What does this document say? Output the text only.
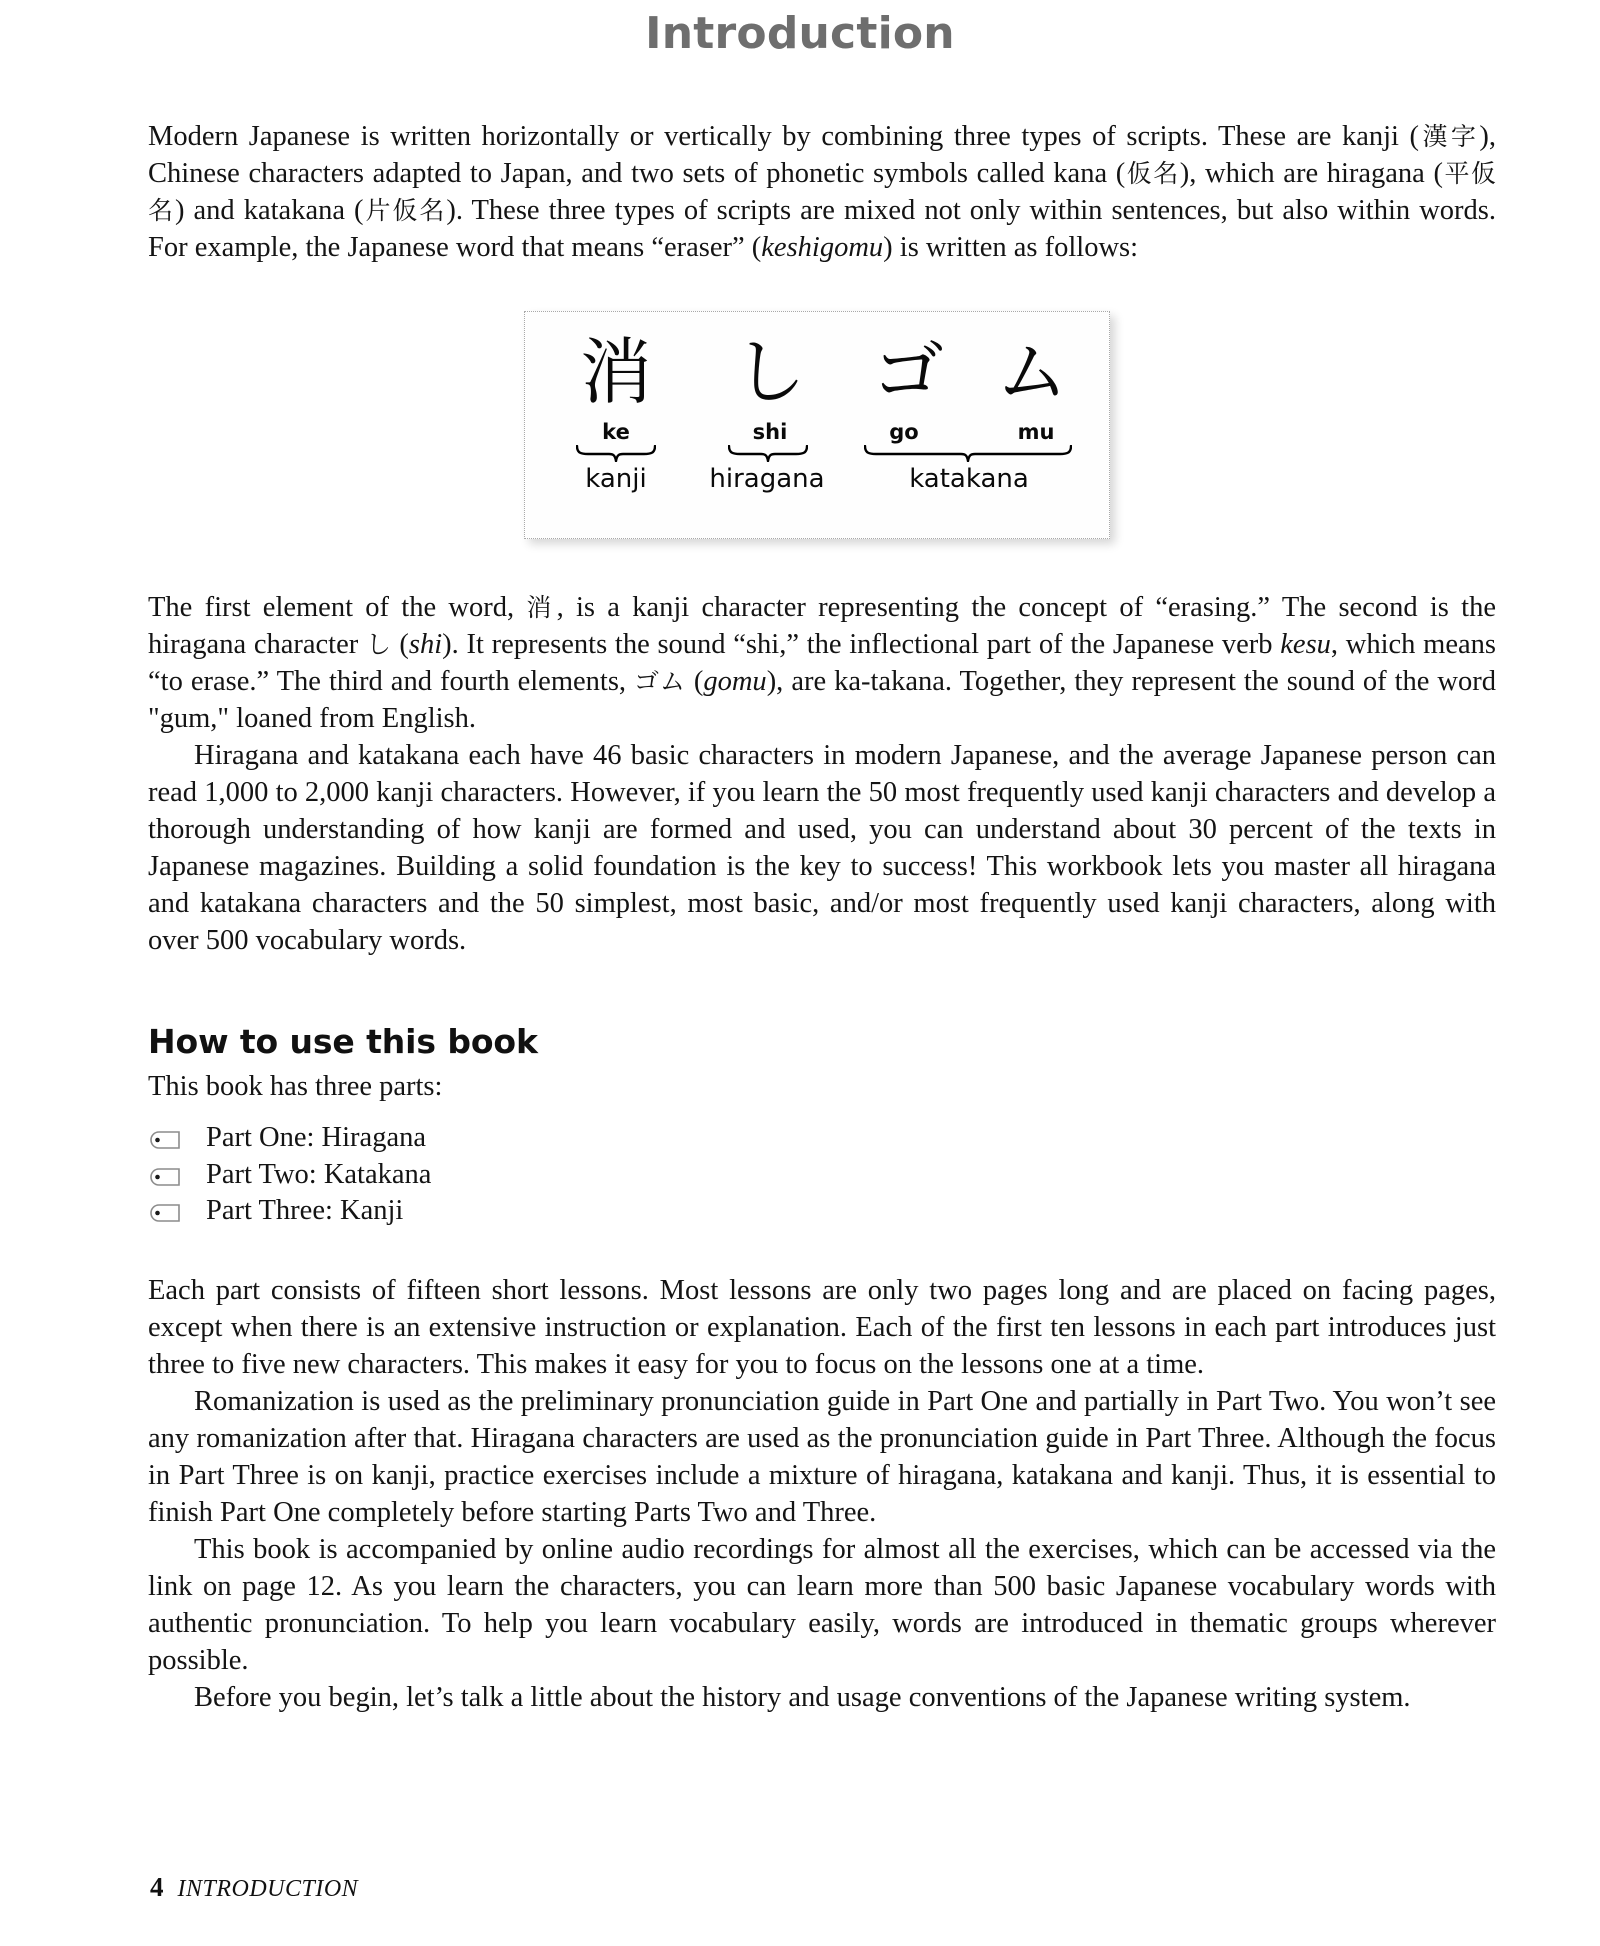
Introduction

Modern Japanese is written horizontally or vertically by combining three types of scripts. These are kanji (漢字), Chinese characters adapted to Japan, and two sets of phonetic symbols called kana (仮名), which are hiragana (平仮名) and katakana (片仮名). These three types of scripts are mixed not only within sentences, but also within words. For example, the Japanese word that means “eraser” (keshigomu) is written as follows:

消 し ゴ ム
ke	shi	go	mu
kanji	hiragana	katakana

The first element of the word, 消, is a kanji character representing the concept of “erasing.” The second is the hiragana character し (shi). It represents the sound “shi,” the inflectional part of the Japanese verb kesu, which means “to erase.” The third and fourth elements, ゴム (gomu), are ka-takana. Together, they represent the sound of the word "gum," loaned from English.

Hiragana and katakana each have 46 basic characters in modern Japanese, and the average Japanese person can read 1,000 to 2,000 kanji characters. However, if you learn the 50 most frequently used kanji characters and develop a thorough understanding of how kanji are formed and used, you can understand about 30 percent of the texts in Japanese magazines. Building a solid foundation is the key to success! This workbook lets you master all hiragana and katakana characters and the 50 simplest, most basic, and/or most frequently used kanji characters, along with over 500 vocabulary words.

How to use this book

This book has three parts:

Part One: Hiragana
Part Two: Katakana
Part Three: Kanji

Each part consists of fifteen short lessons. Most lessons are only two pages long and are placed on facing pages, except when there is an extensive instruction or explanation. Each of the first ten lessons in each part introduces just three to five new characters. This makes it easy for you to focus on the lessons one at a time.

Romanization is used as the preliminary pronunciation guide in Part One and partially in Part Two. You won’t see any romanization after that. Hiragana characters are used as the pronunciation guide in Part Three. Although the focus in Part Three is on kanji, practice exercises include a mixture of hiragana, katakana and kanji. Thus, it is essential to finish Part One completely before starting Parts Two and Three.

This book is accompanied by online audio recordings for almost all the exercises, which can be accessed via the link on page 12. As you learn the characters, you can learn more than 500 basic Japanese vocabulary words with authentic pronunciation. To help you learn vocabulary easily, words are introduced in thematic groups wherever possible.

Before you begin, let’s talk a little about the history and usage conventions of the Japanese writing system.

4 INTRODUCTION
